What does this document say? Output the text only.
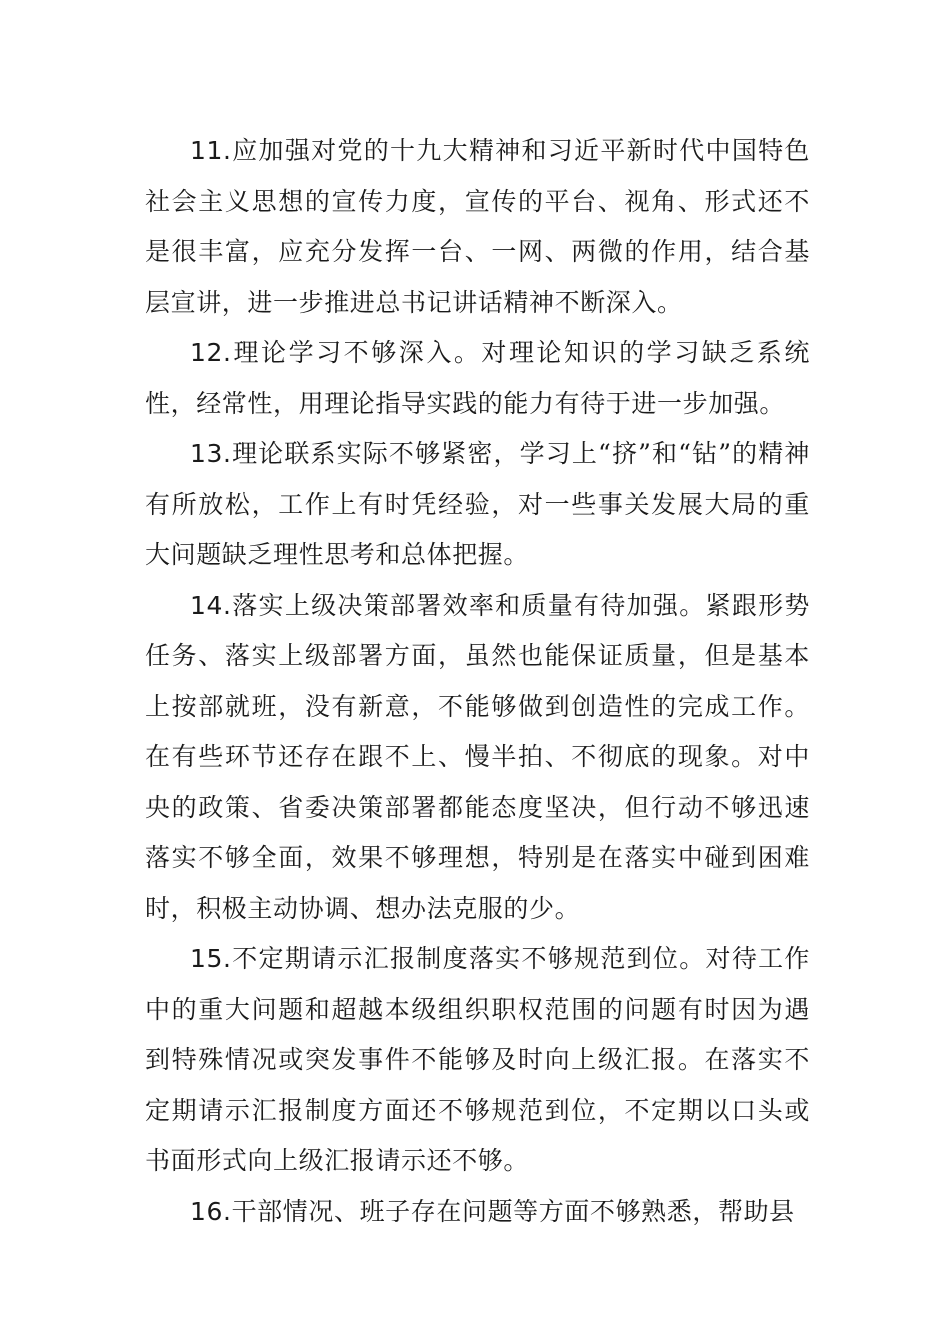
11.应加强对党的十九大精神和习近平新时代中国特色社会主义思想的宣传力度，宣传的平台、视角、形式还不是很丰富，应充分发挥一台、一网、两微的作用，结合基层宣讲，进一步推进总书记讲话精神不断深入。

12.理论学习不够深入。对理论知识的学习缺乏系统性，经常性，用理论指导实践的能力有待于进一步加强。

13.理论联系实际不够紧密，学习上“挤”和“钻”的精神有所放松，工作上有时凭经验，对一些事关发展大局的重大问题缺乏理性思考和总体把握。

14.落实上级决策部署效率和质量有待加强。紧跟形势任务、落实上级部署方面，虽然也能保证质量，但是基本上按部就班，没有新意，不能够做到创造性的完成工作。在有些环节还存在跟不上、慢半拍、不彻底的现象。对中央的政策、省委决策部署都能态度坚决，但行动不够迅速落实不够全面，效果不够理想，特别是在落实中碰到困难时，积极主动协调、想办法克服的少。

15.不定期请示汇报制度落实不够规范到位。对待工作中的重大问题和超越本级组织职权范围的问题有时因为遇到特殊情况或突发事件不能够及时向上级汇报。在落实不定期请示汇报制度方面还不够规范到位，不定期以口头或书面形式向上级汇报请示还不够。

16.干部情况、班子存在问题等方面不够熟悉，帮助县
